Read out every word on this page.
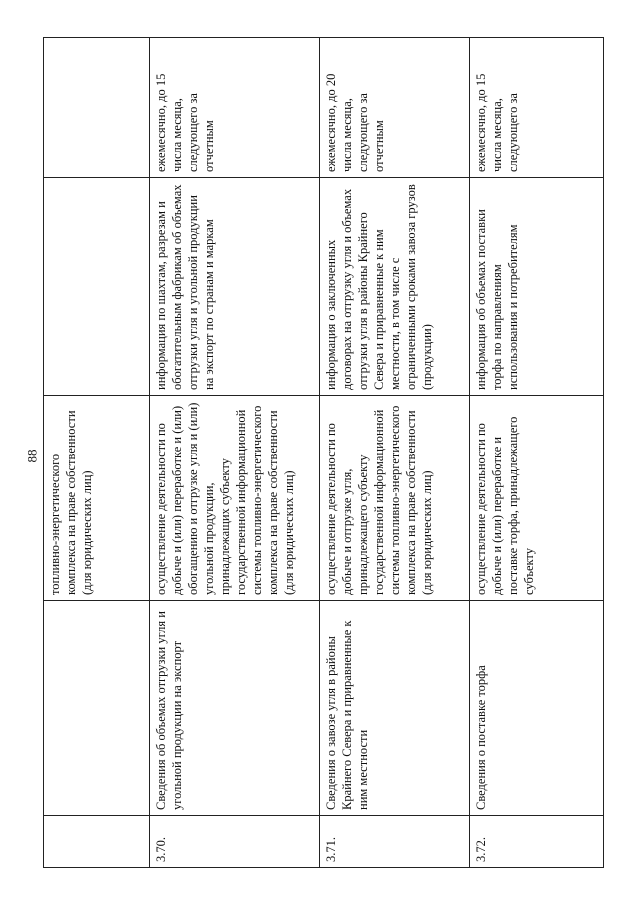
88
		топливно-энергетического комплекса на праве собственности (для юридических лиц)		
3.70.	Сведения об объемах отгрузки угля и угольной продукции на экспорт	осуществление деятельности по добыче и (или) переработке и (или) обогащению и отгрузке угля и (или) угольной продукции, принадлежащих субъекту государственной информационной системы топливно-энергетического комплекса на праве собственности (для юридических лиц)	информация по шахтам, разрезам и обогатительным фабрикам об объемах отгрузки угля и угольной продукции на экспорт по странам и маркам	ежемесячно, до 15 числа месяца, следующего за отчетным
3.71.	Сведения о завозе угля в районы Крайнего Севера и приравненные к ним местности	осуществление деятельности по добыче и отгрузке угля, принадлежащего субъекту государственной информационной системы топливно-энергетического комплекса на праве собственности (для юридических лиц)	информация о заключенных договорах на отгрузку угля и объемах отгрузки угля в районы Крайнего Севера и приравненные к ним местности, в том числе с ограниченными сроками завоза грузов (продукции)	ежемесячно, до 20 числа месяца, следующего за отчетным
3.72.	Сведения о поставке торфа	осуществление деятельности по добыче и (или) переработке и поставке торфа, принадлежащего субъекту	информация об объемах поставки торфа по направлениям использования и потребителям	ежемесячно, до 15 числа месяца, следующего за
